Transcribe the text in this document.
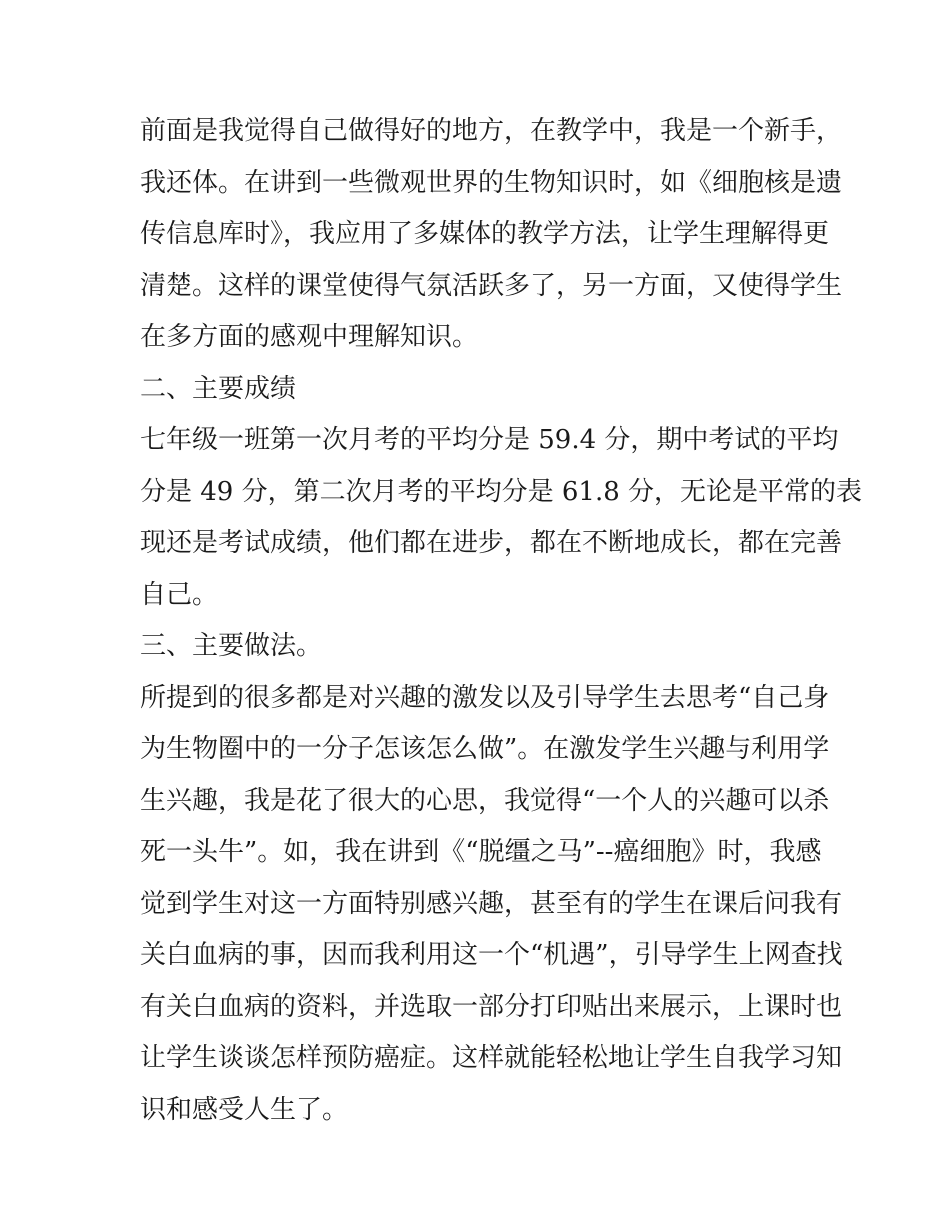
前面是我觉得自己做得好的地方，在教学中，我是一个新手，
我还体。在讲到一些微观世界的生物知识时，如《细胞核是遗
传信息库时》，我应用了多媒体的教学方法，让学生理解得更
清楚。这样的课堂使得气氛活跃多了，另一方面，又使得学生
在多方面的感观中理解知识。
二、主要成绩
七年级一班第一次月考的平均分是 59.4 分，期中考试的平均
分是 49 分，第二次月考的平均分是 61.8 分，无论是平常的表
现还是考试成绩，他们都在进步，都在不断地成长，都在完善
自己。
三、主要做法。
所提到的很多都是对兴趣的激发以及引导学生去思考“自己身
为生物圈中的一分子怎该怎么做”。在激发学生兴趣与利用学
生兴趣，我是花了很大的心思，我觉得“一个人的兴趣可以杀
死一头牛”。如，我在讲到《“脱缰之马”--癌细胞》时，我感
觉到学生对这一方面特别感兴趣，甚至有的学生在课后问我有
关白血病的事，因而我利用这一个“机遇”，引导学生上网查找
有关白血病的资料，并选取一部分打印贴出来展示，上课时也
让学生谈谈怎样预防癌症。这样就能轻松地让学生自我学习知
识和感受人生了。
